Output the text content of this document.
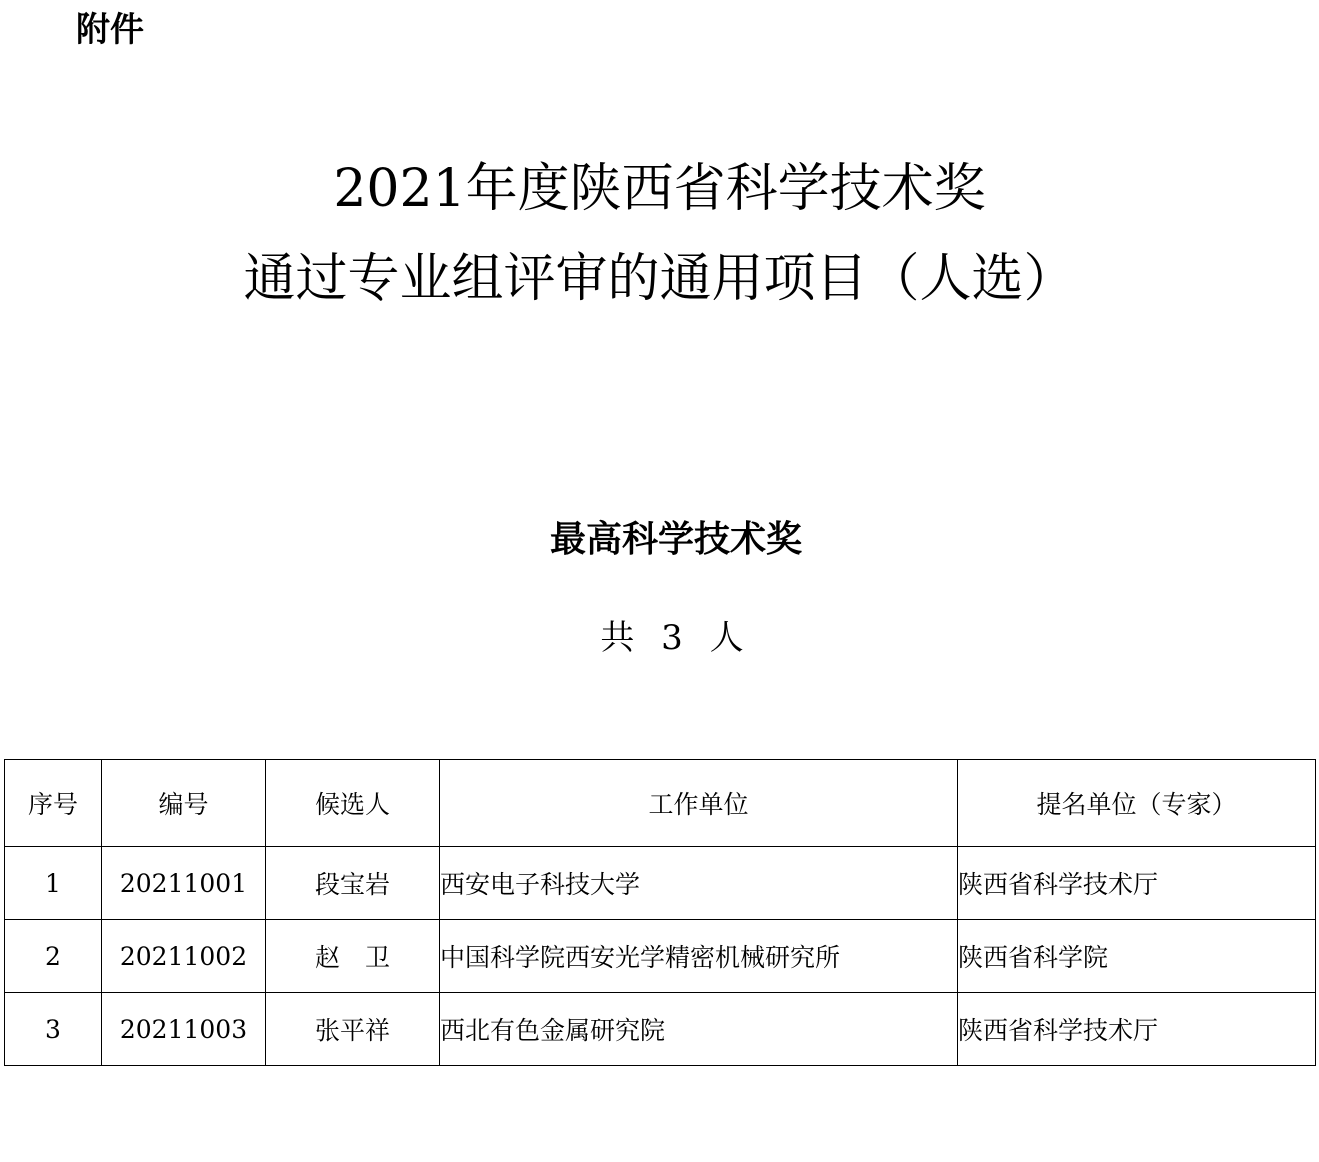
附件
2021年度陕西省科学技术奖
通过专业组评审的通用项目（人选）
最高科学技术奖
共 3 人
序号	编号	候选人	工作单位	提名单位（专家）
1	20211001	段宝岩	西安电子科技大学	陕西省科学技术厅
2	20211002	赵　卫	中国科学院西安光学精密机械研究所	陕西省科学院
3	20211003	张平祥	西北有色金属研究院	陕西省科学技术厅
